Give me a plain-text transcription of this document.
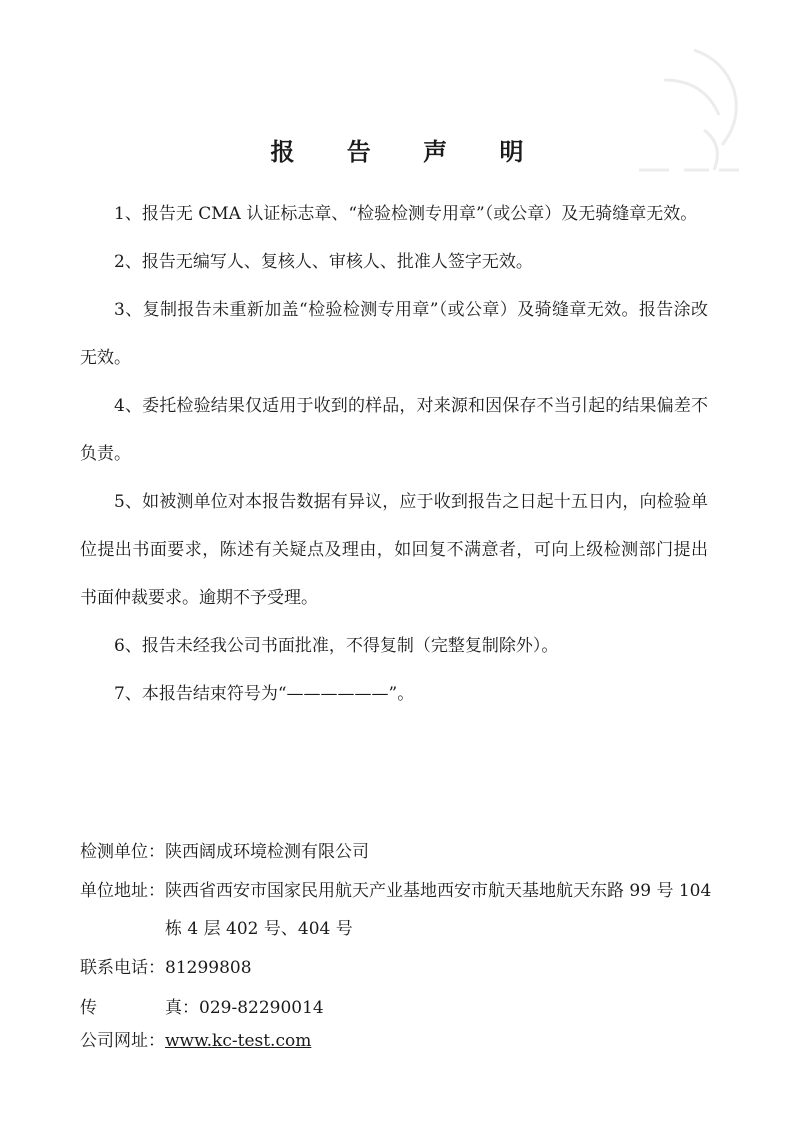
报 告 声 明

1、报告无 CMA 认证标志章、“检验检测专用章”（或公章）及无骑缝章无效。

2、报告无编写人、复核人、审核人、批准人签字无效。

3、复制报告未重新加盖“检验检测专用章”（或公章）及骑缝章无效。报告涂改无效。

4、委托检验结果仅适用于收到的样品，对来源和因保存不当引起的结果偏差不负责。

5、如被测单位对本报告数据有异议，应于收到报告之日起十五日内，向检验单位提出书面要求，陈述有关疑点及理由，如回复不满意者，可向上级检测部门提出书面仲裁要求。逾期不予受理。

6、报告未经我公司书面批准，不得复制（完整复制除外）。

7、本报告结束符号为“——————”。

检测单位： 陕西阔成环境检测有限公司
单位地址： 陕西省西安市国家民用航天产业基地西安市航天基地航天东路 99 号 104 栋 4 层 402 号、404 号
联系电话： 81299808
传	真： 029-82290014
公司网址： www.kc-test.com
